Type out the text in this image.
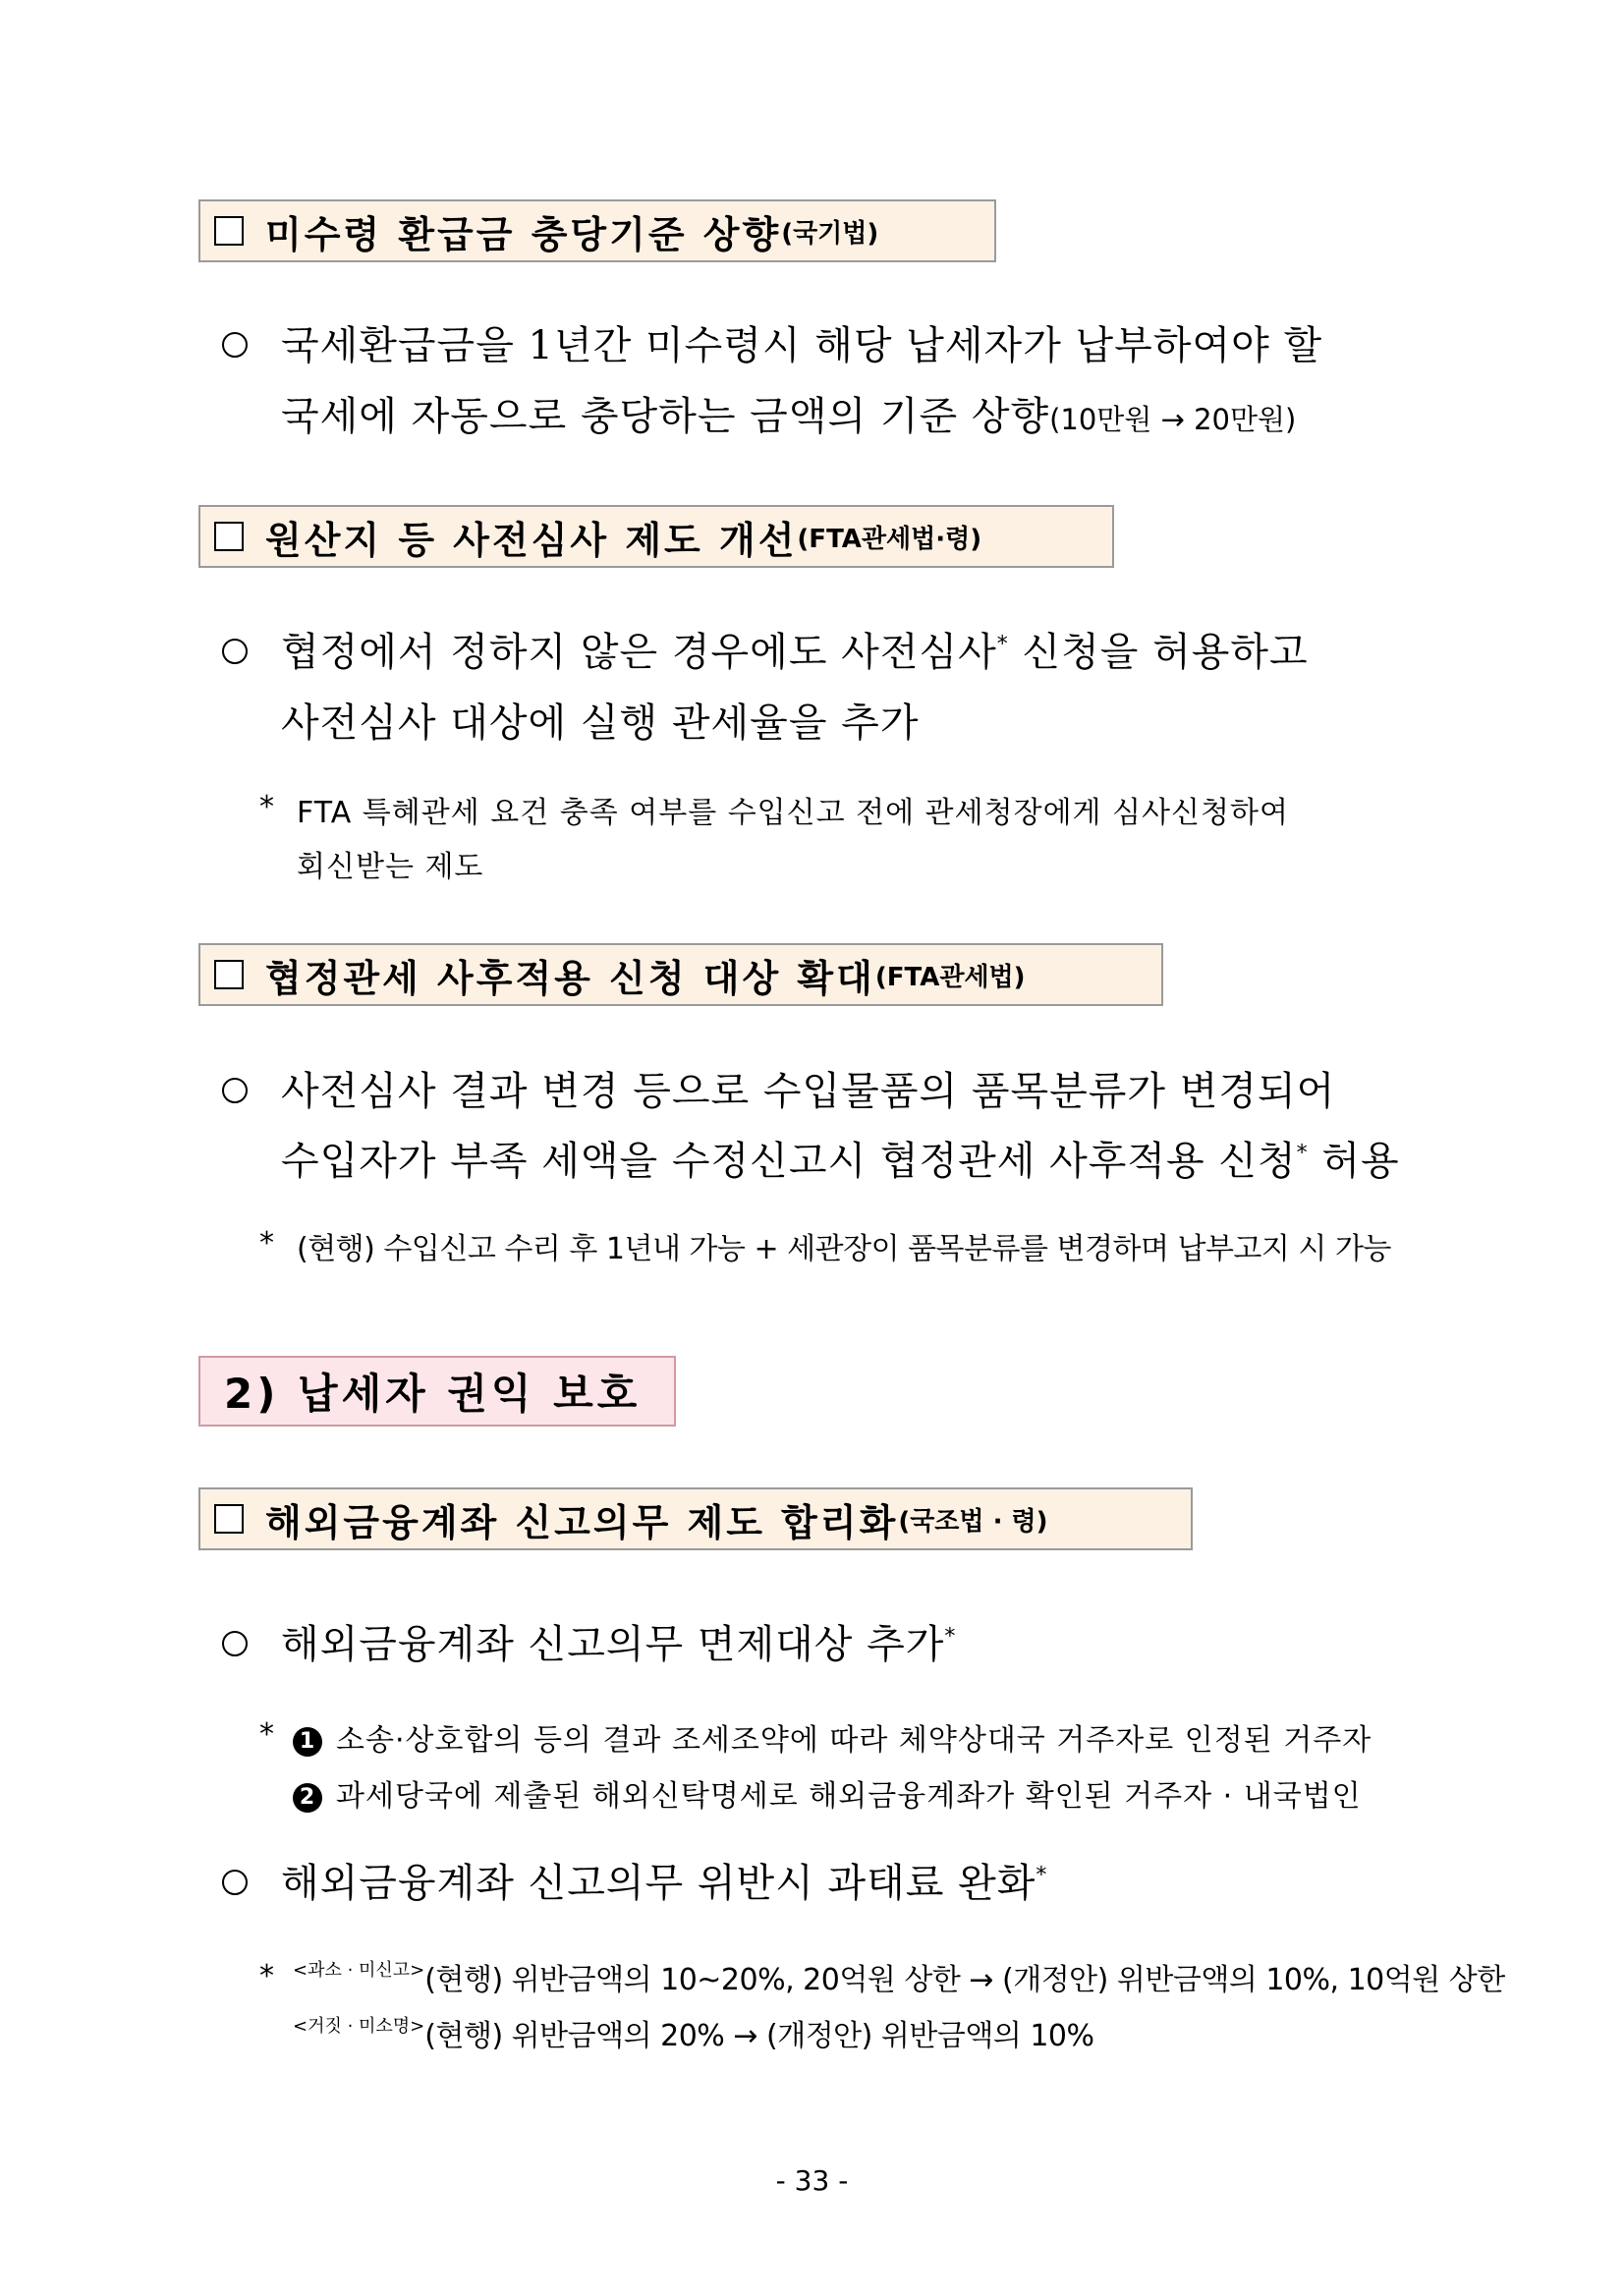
미수령 환급금 충당기준 상향 (국기법)
국세환급금을 1년간 미수령시 해당 납세자가 납부하여야 할
국세에 자동으로 충당하는 금액의 기준 상향(10만원 → 20만원)
원산지 등 사전심사 제도 개선 (FTA관세법·령)
협정에서 정하지 않은 경우에도 사전심사* 신청을 허용하고
사전심사 대상에 실행 관세율을 추가
* FTA 특혜관세 요건 충족 여부를 수입신고 전에 관세청장에게 심사신청하여
회신받는 제도
협정관세 사후적용 신청 대상 확대 (FTA관세법)
사전심사 결과 변경 등으로 수입물품의 품목분류가 변경되어
수입자가 부족 세액을 수정신고시 협정관세 사후적용 신청* 허용
* (현행) 수입신고 수리 후 1년내 가능 + 세관장이 품목분류를 변경하며 납부고지 시 가능
2) 납세자 권익 보호
해외금융계좌 신고의무 제도 합리화 (국조법 · 령)
해외금융계좌 신고의무 면제대상 추가*
*	1 소송·상호합의 등의 결과 조세조약에 따라 체약상대국 거주자로 인정된 거주자
2 과세당국에 제출된 해외신탁명세로 해외금융계좌가 확인된 거주자 · 내국법인
해외금융계좌 신고의무 위반시 과태료 완화*
* $^{<과소 \cdot 미신고>}$(현행) 위반금액의 10~20%, 20억원 상한 → (개정안) 위반금액의 10%, 10억원 상한
$^{<거짓 \cdot 미소명>}$(현행) 위반금액의 20% → (개정안) 위반금액의 10%
- 33 -
